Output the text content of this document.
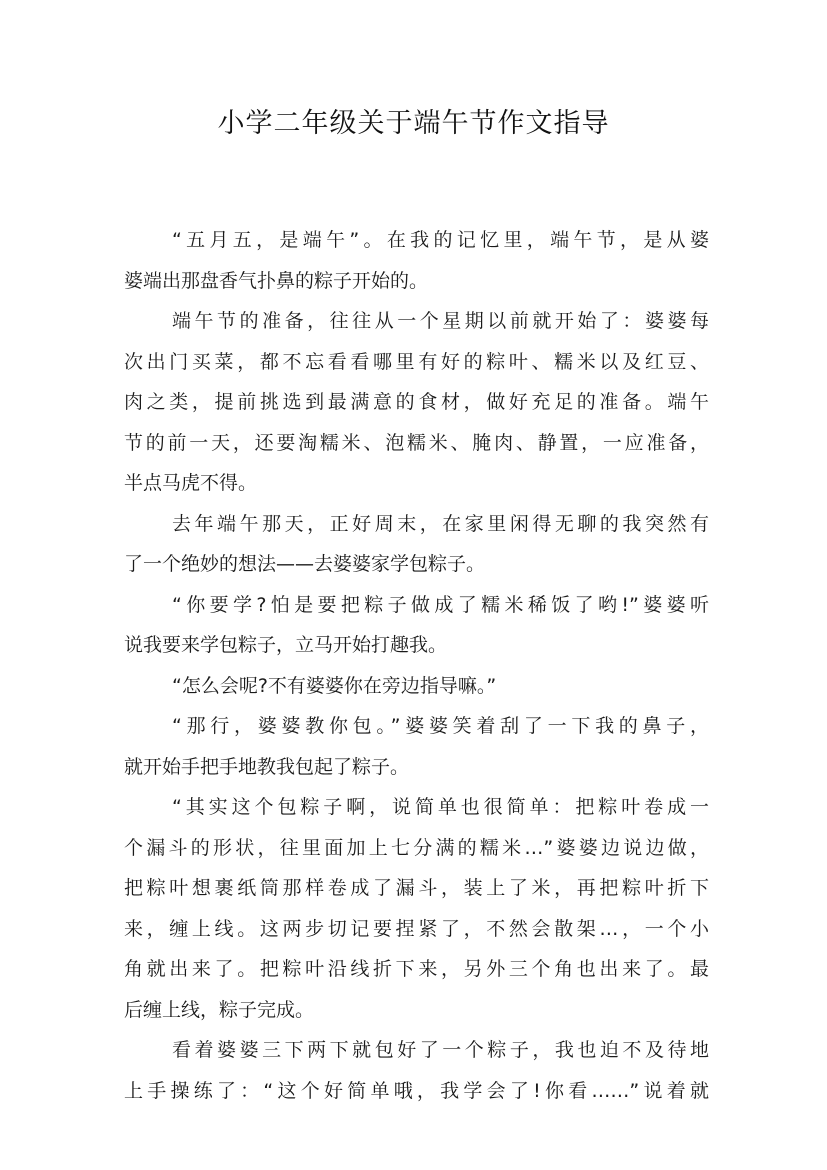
小学二年级关于端午节作文指导
“五月五，是端午”。在我的记忆里，端午节，是从婆
婆端出那盘香气扑鼻的粽子开始的。
端午节的准备，往往从一个星期以前就开始了：婆婆每
次出门买菜，都不忘看看哪里有好的粽叶、糯米以及红豆、
肉之类，提前挑选到最满意的食材，做好充足的准备。端午
节的前一天，还要淘糯米、泡糯米、腌肉、静置，一应准备，
半点马虎不得。
去年端午那天，正好周末，在家里闲得无聊的我突然有
了一个绝妙的想法——去婆婆家学包粽子。
“你要学?怕是要把粽子做成了糯米稀饭了哟!”婆婆听
说我要来学包粽子，立马开始打趣我。
“怎么会呢?不有婆婆你在旁边指导嘛。”
“那行，婆婆教你包。”婆婆笑着刮了一下我的鼻子，
就开始手把手地教我包起了粽子。
“其实这个包粽子啊，说简单也很简单：把粽叶卷成一
个漏斗的形状，往里面加上七分满的糯米…”婆婆边说边做，
把粽叶想裹纸筒那样卷成了漏斗，装上了米，再把粽叶折下
来，缠上线。这两步切记要捏紧了，不然会散架…，一个小
角就出来了。把粽叶沿线折下来，另外三个角也出来了。最
后缠上线，粽子完成。
看着婆婆三下两下就包好了一个粽子，我也迫不及待地
上手操练了：“这个好简单哦，我学会了!你看……”说着就
